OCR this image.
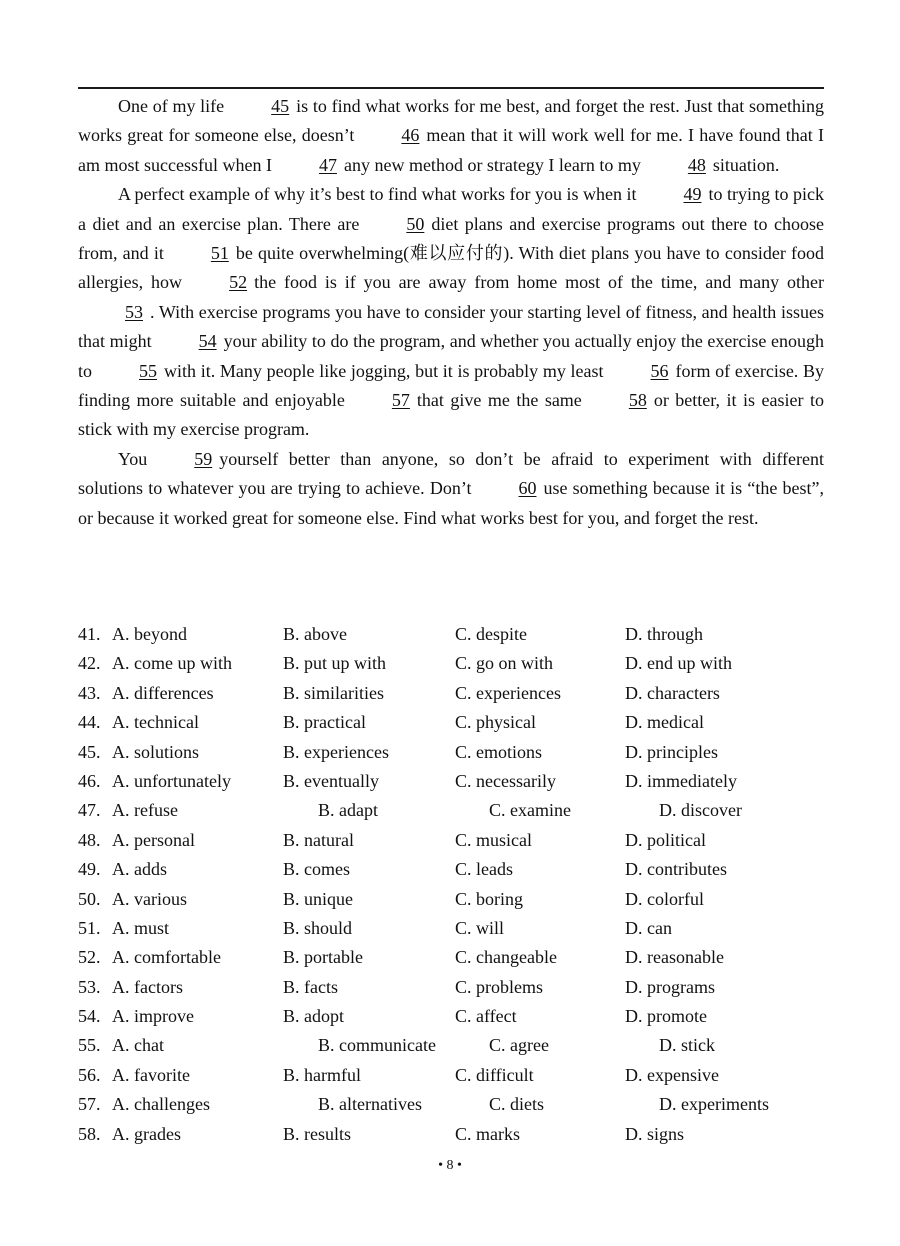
One of my life	45 is to find what works for me best, and forget the rest. Just that something works great for someone else, doesn’t	46 mean that it will work well for me. I have found that I am most successful when I	47 any new method or strategy I learn to my	48 situation.

A perfect example of why it’s best to find what works for you is when it	49 to trying to pick a diet and an exercise plan. There are	50 diet plans and exercise programs out there to choose from, and it	51 be quite overwhelming(难以应付的). With diet plans you have to consider food allergies, how	52 the food is if you are away from home most of the time, and many other53 . With exercise programs you have to consider your starting level of fitness, and health issues that might	54 your ability to do the program, and whether you actually enjoy the exercise enough to	55 with it. Many people like jogging, but it is probably my least	56 form of exercise. By finding more suitable and enjoyable	57 that give me the same	58 or better, it is easier to stick with my exercise program.

You	59 yourself better than anyone, so don’t be afraid to experiment with different solutions to whatever you are trying to achieve. Don’t	60 use something because it is “the best”, or because it worked great for someone else. Find what works best for you, and forget the rest.

41. A. beyond	B. above	C. despite	D. through
42. A. come up with	B. put up with	C. go on with	D. end up with
43. A. differences	B. similarities	C. experiences	D. characters
44. A. technical	B. practical	C. physical	D. medical
45. A. solutions	B. experiences	C. emotions	D. principles
46. A. unfortunately	B. eventually	C. necessarily	D. immediately
47. A. refuse	B. adapt	C. examine	D. discover
48. A. personal	B. natural	C. musical	D. political
49. A. adds	B. comes	C. leads	D. contributes
50. A. various	B. unique	C. boring	D. colorful
51. A. must	B. should	C. will	D. can
52. A. comfortable	B. portable	C. changeable	D. reasonable
53. A. factors	B. facts	C. problems	D. programs
54. A. improve	B. adopt	C. affect	D. promote
55. A. chat	B. communicate	C. agree	D. stick
56. A. favorite	B. harmful	C. difficult	D. expensive
57. A. challenges	B. alternatives	C. diets	D. experiments
58. A. grades	B. results	C. marks	D. signs
• 8 •
